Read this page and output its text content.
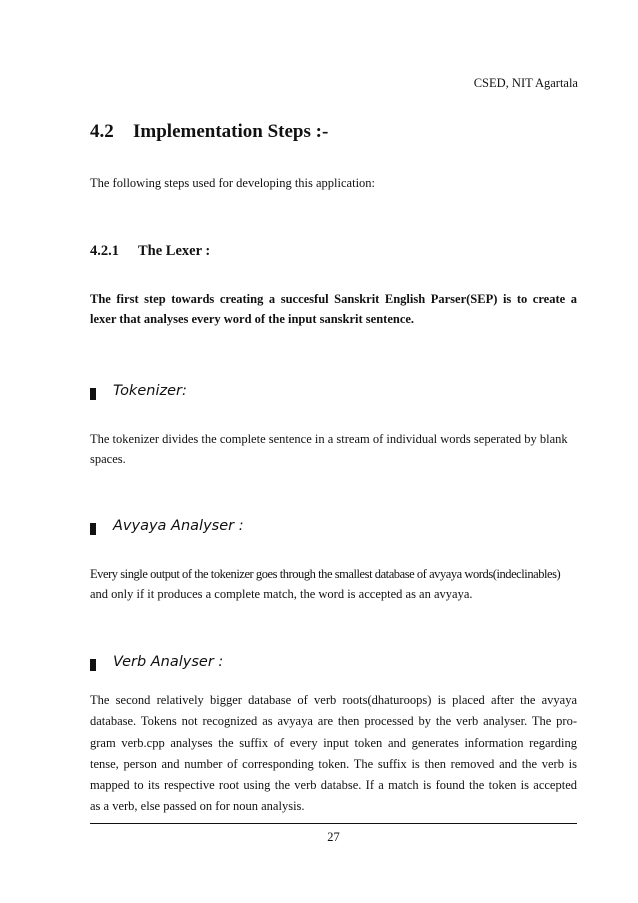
CSED, NIT Agartala
4.2 Implementation Steps :-
The following steps used for developing this application:
4.2.1 The Lexer :
The first step towards creating a succesful Sanskrit English Parser(SEP) is to create a
lexer that analyses every word of the input sanskrit sentence.
Tokenizer:
The tokenizer divides the complete sentence in a stream of individual words seperated by blank
spaces.
Avyaya Analyser :
Every single output of the tokenizer goes through the smallest database of avyaya words(indeclinables)
and only if it produces a complete match, the word is accepted as an avyaya.
Verb Analyser :
The second relatively bigger database of verb roots(dhaturoops) is placed after the avyaya
database. Tokens not recognized as avyaya are then processed by the verb analyser. The pro-
gram verb.cpp analyses the suffix of every input token and generates information regarding
tense, person and number of corresponding token. The suffix is then removed and the verb is
mapped to its respective root using the verb databse. If a match is found the token is accepted
as a verb, else passed on for noun analysis.
27
